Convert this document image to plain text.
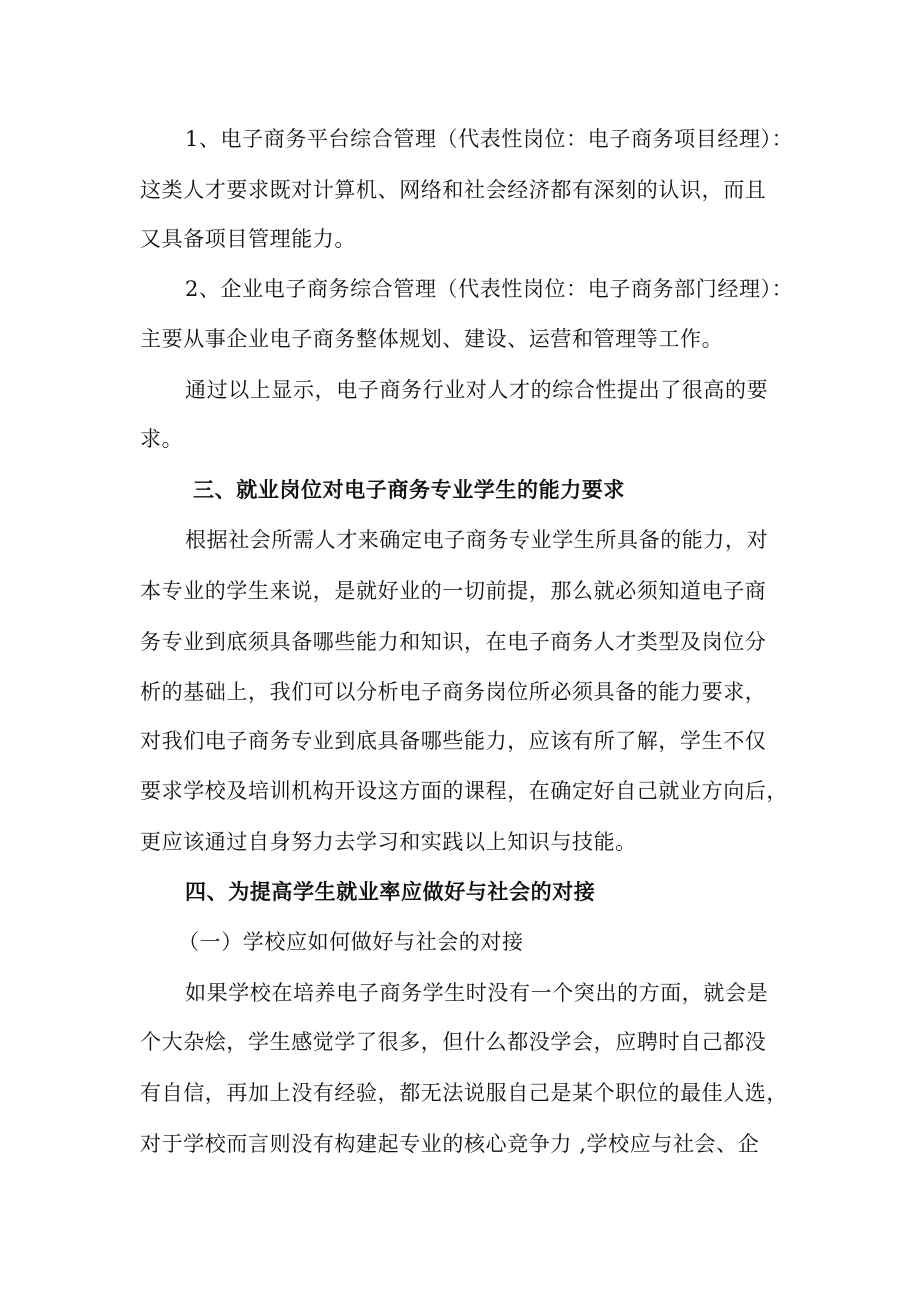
1、电子商务平台综合管理（代表性岗位：电子商务项目经理）：
这类人才要求既对计算机、网络和社会经济都有深刻的认识，而且
又具备项目管理能力。
2、企业电子商务综合管理（代表性岗位：电子商务部门经理）：
主要从事企业电子商务整体规划、建设、运营和管理等工作。
通过以上显示，电子商务行业对人才的综合性提出了很高的要
求。
三、就业岗位对电子商务专业学生的能力要求
根据社会所需人才来确定电子商务专业学生所具备的能力，对
本专业的学生来说，是就好业的一切前提，那么就必须知道电子商
务专业到底须具备哪些能力和知识，在电子商务人才类型及岗位分
析的基础上，我们可以分析电子商务岗位所必须具备的能力要求，
对我们电子商务专业到底具备哪些能力，应该有所了解，学生不仅
要求学校及培训机构开设这方面的课程，在确定好自己就业方向后，
更应该通过自身努力去学习和实践以上知识与技能。
四、为提高学生就业率应做好与社会的对接
（一）学校应如何做好与社会的对接
如果学校在培养电子商务学生时没有一个突出的方面，就会是
个大杂烩，学生感觉学了很多，但什么都没学会，应聘时自己都没
有自信，再加上没有经验，都无法说服自己是某个职位的最佳人选，
对于学校而言则没有构建起专业的核心竞争力 ,学校应与社会、企
